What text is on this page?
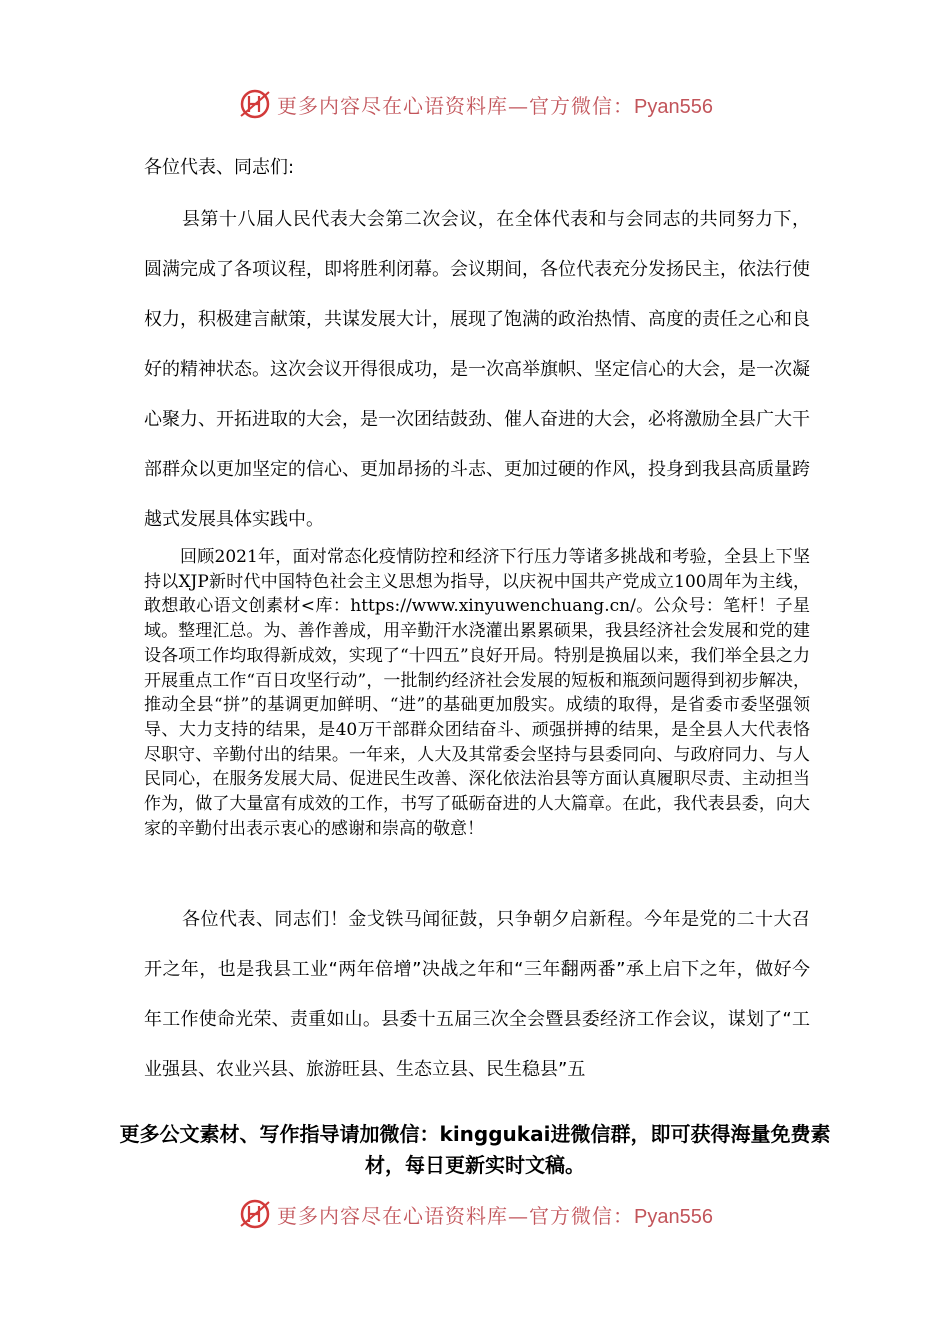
更多内容尽在心语资料库—官方微信：Pyan556
各位代表、同志们:

县第十八届人民代表大会第二次会议，在全体代表和与会同志的共同努力下，圆满完成了各项议程，即将胜利闭幕。会议期间，各位代表充分发扬民主，依法行使权力，积极建言献策，共谋发展大计，展现了饱满的政治热情、高度的责任之心和良好的精神状态。这次会议开得很成功，是一次高举旗帜、坚定信心的大会，是一次凝心聚力、开拓进取的大会，是一次团结鼓劲、催人奋进的大会，必将激励全县广大干部群众以更加坚定的信心、更加昂扬的斗志、更加过硬的作风，投身到我县高质量跨越式发展具体实践中。

回顾2021年，面对常态化疫情防控和经济下行压力等诸多挑战和考验，全县上下坚持以XJP新时代中国特色社会主义思想为指导，以庆祝中国共产党成立100周年为主线，敢想敢心语文创素材<库：https://www.xinyuwenchuang.cn/。公众号：笔杆！子星域。整理汇总。为、善作善成，用辛勤汗水浇灌出累累硕果，我县经济社会发展和党的建设各项工作均取得新成效，实现了“十四五”良好开局。特别是换届以来，我们举全县之力开展重点工作“百日攻坚行动”，一批制约经济社会发展的短板和瓶颈问题得到初步解决，推动全县“拼”的基调更加鲜明、“进”的基础更加殷实。成绩的取得，是省委市委坚强领导、大力支持的结果，是40万干部群众团结奋斗、顽强拼搏的结果，是全县人大代表恪尽职守、辛勤付出的结果。一年来，人大及其常委会坚持与县委同向、与政府同力、与人民同心，在服务发展大局、促进民生改善、深化依法治县等方面认真履职尽责、主动担当作为，做了大量富有成效的工作，书写了砥砺奋进的人大篇章。在此，我代表县委，向大家的辛勤付出表示衷心的感谢和崇高的敬意！

各位代表、同志们！金戈铁马闻征鼓，只争朝夕启新程。今年是党的二十大召开之年，也是我县工业“两年倍增”决战之年和“三年翻两番”承上启下之年，做好今年工作使命光荣、责重如山。县委十五届三次全会暨县委经济工作会议，谋划了“工业强县、农业兴县、旅游旺县、生态立县、民生稳县”五

更多公文素材、写作指导请加微信：kinggukai进微信群，即可获得海量免费素材，每日更新实时文稿。

更多内容尽在心语资料库—官方微信：Pyan556
